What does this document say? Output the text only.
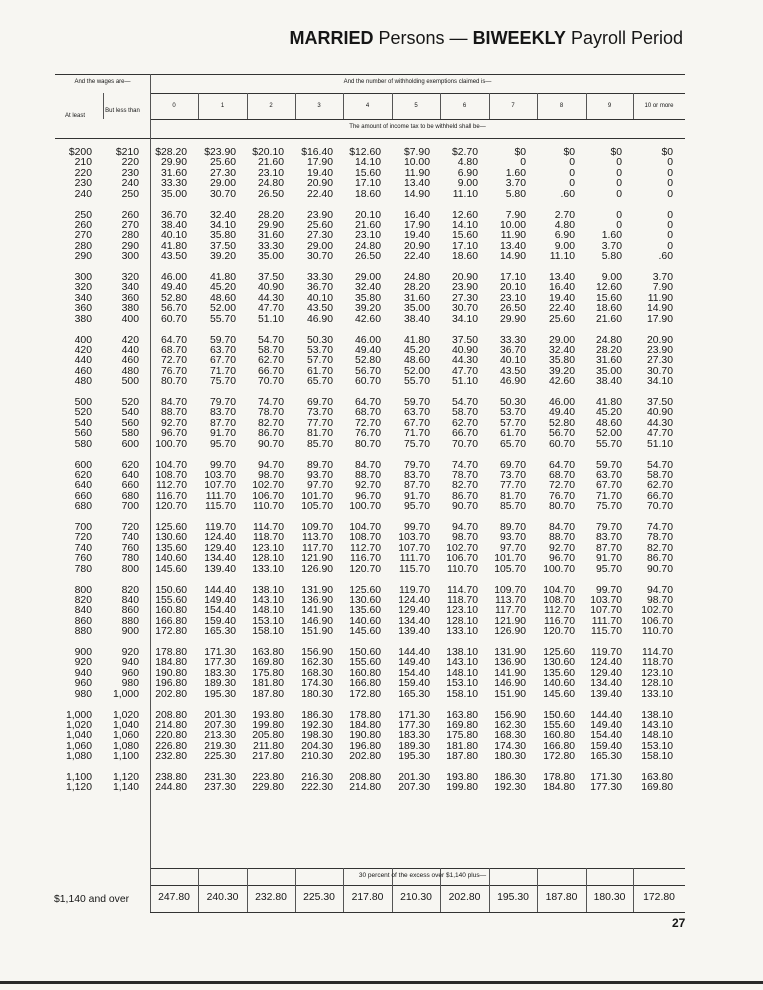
MARRIED Persons — BIWEEKLY Payroll Period
And the wages are—	And the number of withholding exemptions claimed is—
At least
But less than
The amount of income tax to be withheld shall be—
0	1	2	3	4	5	6	7	8	9	10 or more
$200	$210	$28.20	$23.90	$20.10	$16.40	$12.60	$7.90	$2.70	$0	$0	$0	$0
210	220	29.90	25.60	21.60	17.90	14.10	10.00	4.80	0	0	0	0
220	230	31.60	27.30	23.10	19.40	15.60	11.90	6.90	1.60	0	0	0
230	240	33.30	29.00	24.80	20.90	17.10	13.40	9.00	3.70	0	0	0
240	250	35.00	30.70	26.50	22.40	18.60	14.90	11.10	5.80	.60	0	0
250	260	36.70	32.40	28.20	23.90	20.10	16.40	12.60	7.90	2.70	0	0
260	270	38.40	34.10	29.90	25.60	21.60	17.90	14.10	10.00	4.80	0	0
270	280	40.10	35.80	31.60	27.30	23.10	19.40	15.60	11.90	6.90	1.60	0
280	290	41.80	37.50	33.30	29.00	24.80	20.90	17.10	13.40	9.00	3.70	0
290	300	43.50	39.20	35.00	30.70	26.50	22.40	18.60	14.90	11.10	5.80	.60
300	320	46.00	41.80	37.50	33.30	29.00	24.80	20.90	17.10	13.40	9.00	3.70
320	340	49.40	45.20	40.90	36.70	32.40	28.20	23.90	20.10	16.40	12.60	7.90
340	360	52.80	48.60	44.30	40.10	35.80	31.60	27.30	23.10	19.40	15.60	11.90
360	380	56.70	52.00	47.70	43.50	39.20	35.00	30.70	26.50	22.40	18.60	14.90
380	400	60.70	55.70	51.10	46.90	42.60	38.40	34.10	29.90	25.60	21.60	17.90
400	420	64.70	59.70	54.70	50.30	46.00	41.80	37.50	33.30	29.00	24.80	20.90
420	440	68.70	63.70	58.70	53.70	49.40	45.20	40.90	36.70	32.40	28.20	23.90
440	460	72.70	67.70	62.70	57.70	52.80	48.60	44.30	40.10	35.80	31.60	27.30
460	480	76.70	71.70	66.70	61.70	56.70	52.00	47.70	43.50	39.20	35.00	30.70
480	500	80.70	75.70	70.70	65.70	60.70	55.70	51.10	46.90	42.60	38.40	34.10
500	520	84.70	79.70	74.70	69.70	64.70	59.70	54.70	50.30	46.00	41.80	37.50
520	540	88.70	83.70	78.70	73.70	68.70	63.70	58.70	53.70	49.40	45.20	40.90
540	560	92.70	87.70	82.70	77.70	72.70	67.70	62.70	57.70	52.80	48.60	44.30
560	580	96.70	91.70	86.70	81.70	76.70	71.70	66.70	61.70	56.70	52.00	47.70
580	600	100.70	95.70	90.70	85.70	80.70	75.70	70.70	65.70	60.70	55.70	51.10
600	620	104.70	99.70	94.70	89.70	84.70	79.70	74.70	69.70	64.70	59.70	54.70
620	640	108.70	103.70	98.70	93.70	88.70	83.70	78.70	73.70	68.70	63.70	58.70
640	660	112.70	107.70	102.70	97.70	92.70	87.70	82.70	77.70	72.70	67.70	62.70
660	680	116.70	111.70	106.70	101.70	96.70	91.70	86.70	81.70	76.70	71.70	66.70
680	700	120.70	115.70	110.70	105.70	100.70	95.70	90.70	85.70	80.70	75.70	70.70
700	720	125.60	119.70	114.70	109.70	104.70	99.70	94.70	89.70	84.70	79.70	74.70
720	740	130.60	124.40	118.70	113.70	108.70	103.70	98.70	93.70	88.70	83.70	78.70
740	760	135.60	129.40	123.10	117.70	112.70	107.70	102.70	97.70	92.70	87.70	82.70
760	780	140.60	134.40	128.10	121.90	116.70	111.70	106.70	101.70	96.70	91.70	86.70
780	800	145.60	139.40	133.10	126.90	120.70	115.70	110.70	105.70	100.70	95.70	90.70
800	820	150.60	144.40	138.10	131.90	125.60	119.70	114.70	109.70	104.70	99.70	94.70
820	840	155.60	149.40	143.10	136.90	130.60	124.40	118.70	113.70	108.70	103.70	98.70
840	860	160.80	154.40	148.10	141.90	135.60	129.40	123.10	117.70	112.70	107.70	102.70
860	880	166.80	159.40	153.10	146.90	140.60	134.40	128.10	121.90	116.70	111.70	106.70
880	900	172.80	165.30	158.10	151.90	145.60	139.40	133.10	126.90	120.70	115.70	110.70
900	920	178.80	171.30	163.80	156.90	150.60	144.40	138.10	131.90	125.60	119.70	114.70
920	940	184.80	177.30	169.80	162.30	155.60	149.40	143.10	136.90	130.60	124.40	118.70
940	960	190.80	183.30	175.80	168.30	160.80	154.40	148.10	141.90	135.60	129.40	123.10
960	980	196.80	189.30	181.80	174.30	166.80	159.40	153.10	146.90	140.60	134.40	128.10
980	1,000	202.80	195.30	187.80	180.30	172.80	165.30	158.10	151.90	145.60	139.40	133.10
1,000	1,020	208.80	201.30	193.80	186.30	178.80	171.30	163.80	156.90	150.60	144.40	138.10
1,020	1,040	214.80	207.30	199.80	192.30	184.80	177.30	169.80	162.30	155.60	149.40	143.10
1,040	1,060	220.80	213.30	205.80	198.30	190.80	183.30	175.80	168.30	160.80	154.40	148.10
1,060	1,080	226.80	219.30	211.80	204.30	196.80	189.30	181.80	174.30	166.80	159.40	153.10
1,080	1,100	232.80	225.30	217.80	210.30	202.80	195.30	187.80	180.30	172.80	165.30	158.10
1,100	1,120	238.80	231.30	223.80	216.30	208.80	201.30	193.80	186.30	178.80	171.30	163.80
1,120	1,140	244.80	237.30	229.80	222.30	214.80	207.30	199.80	192.30	184.80	177.30	169.80
30 percent of the excess over $1,140 plus—
$1,140 and over	247.80	240.30	232.80	225.30	217.80	210.30	202.80	195.30	187.80	180.30	172.80
27
